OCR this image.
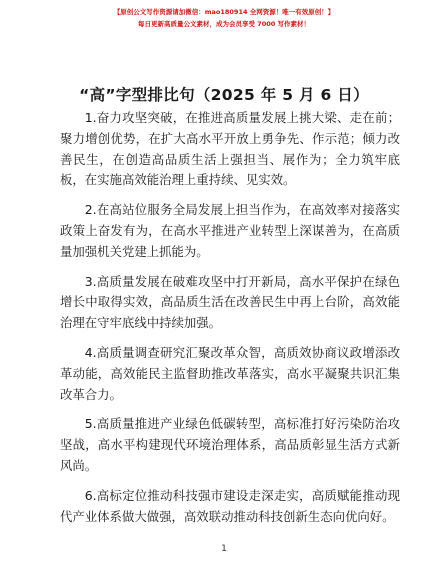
【原创公文写作资源请加微信：mao180914 全网资源！唯一有效原创！】
每日更新高质量公文素材，成为会员享受 7000 写作素材！
“高”字型排比句（2025 年 5 月 6 日）

1.奋力攻坚突破，在推进高质量发展上挑大梁、走在前；聚力增创优势，在扩大高水平开放上勇争先、作示范；倾力改善民生，在创造高品质生活上强担当、展作为；全力筑牢底板，在实施高效能治理上重持续、见实效。

2.在高站位服务全局发展上担当作为，在高效率对接落实政策上奋发有为，在高水平推进产业转型上深谋善为，在高质量加强机关党建上抓能为。

3.高质量发展在破难攻坚中打开新局，高水平保护在绿色增长中取得实效，高品质生活在改善民生中再上台阶，高效能治理在守牢底线中持续加强。

4.高质量调查研究汇聚改革众智，高质效协商议政增添改革动能，高效能民主监督助推改革落实，高水平凝聚共识汇集改革合力。

5.高质量推进产业绿色低碳转型，高标准打好污染防治攻坚战，高水平构建现代环境治理体系，高品质彰显生活方式新风尚。

6.高标定位推动科技强市建设走深走实，高质赋能推动现代产业体系做大做强，高效联动推动科技创新生态向优向好。

1
